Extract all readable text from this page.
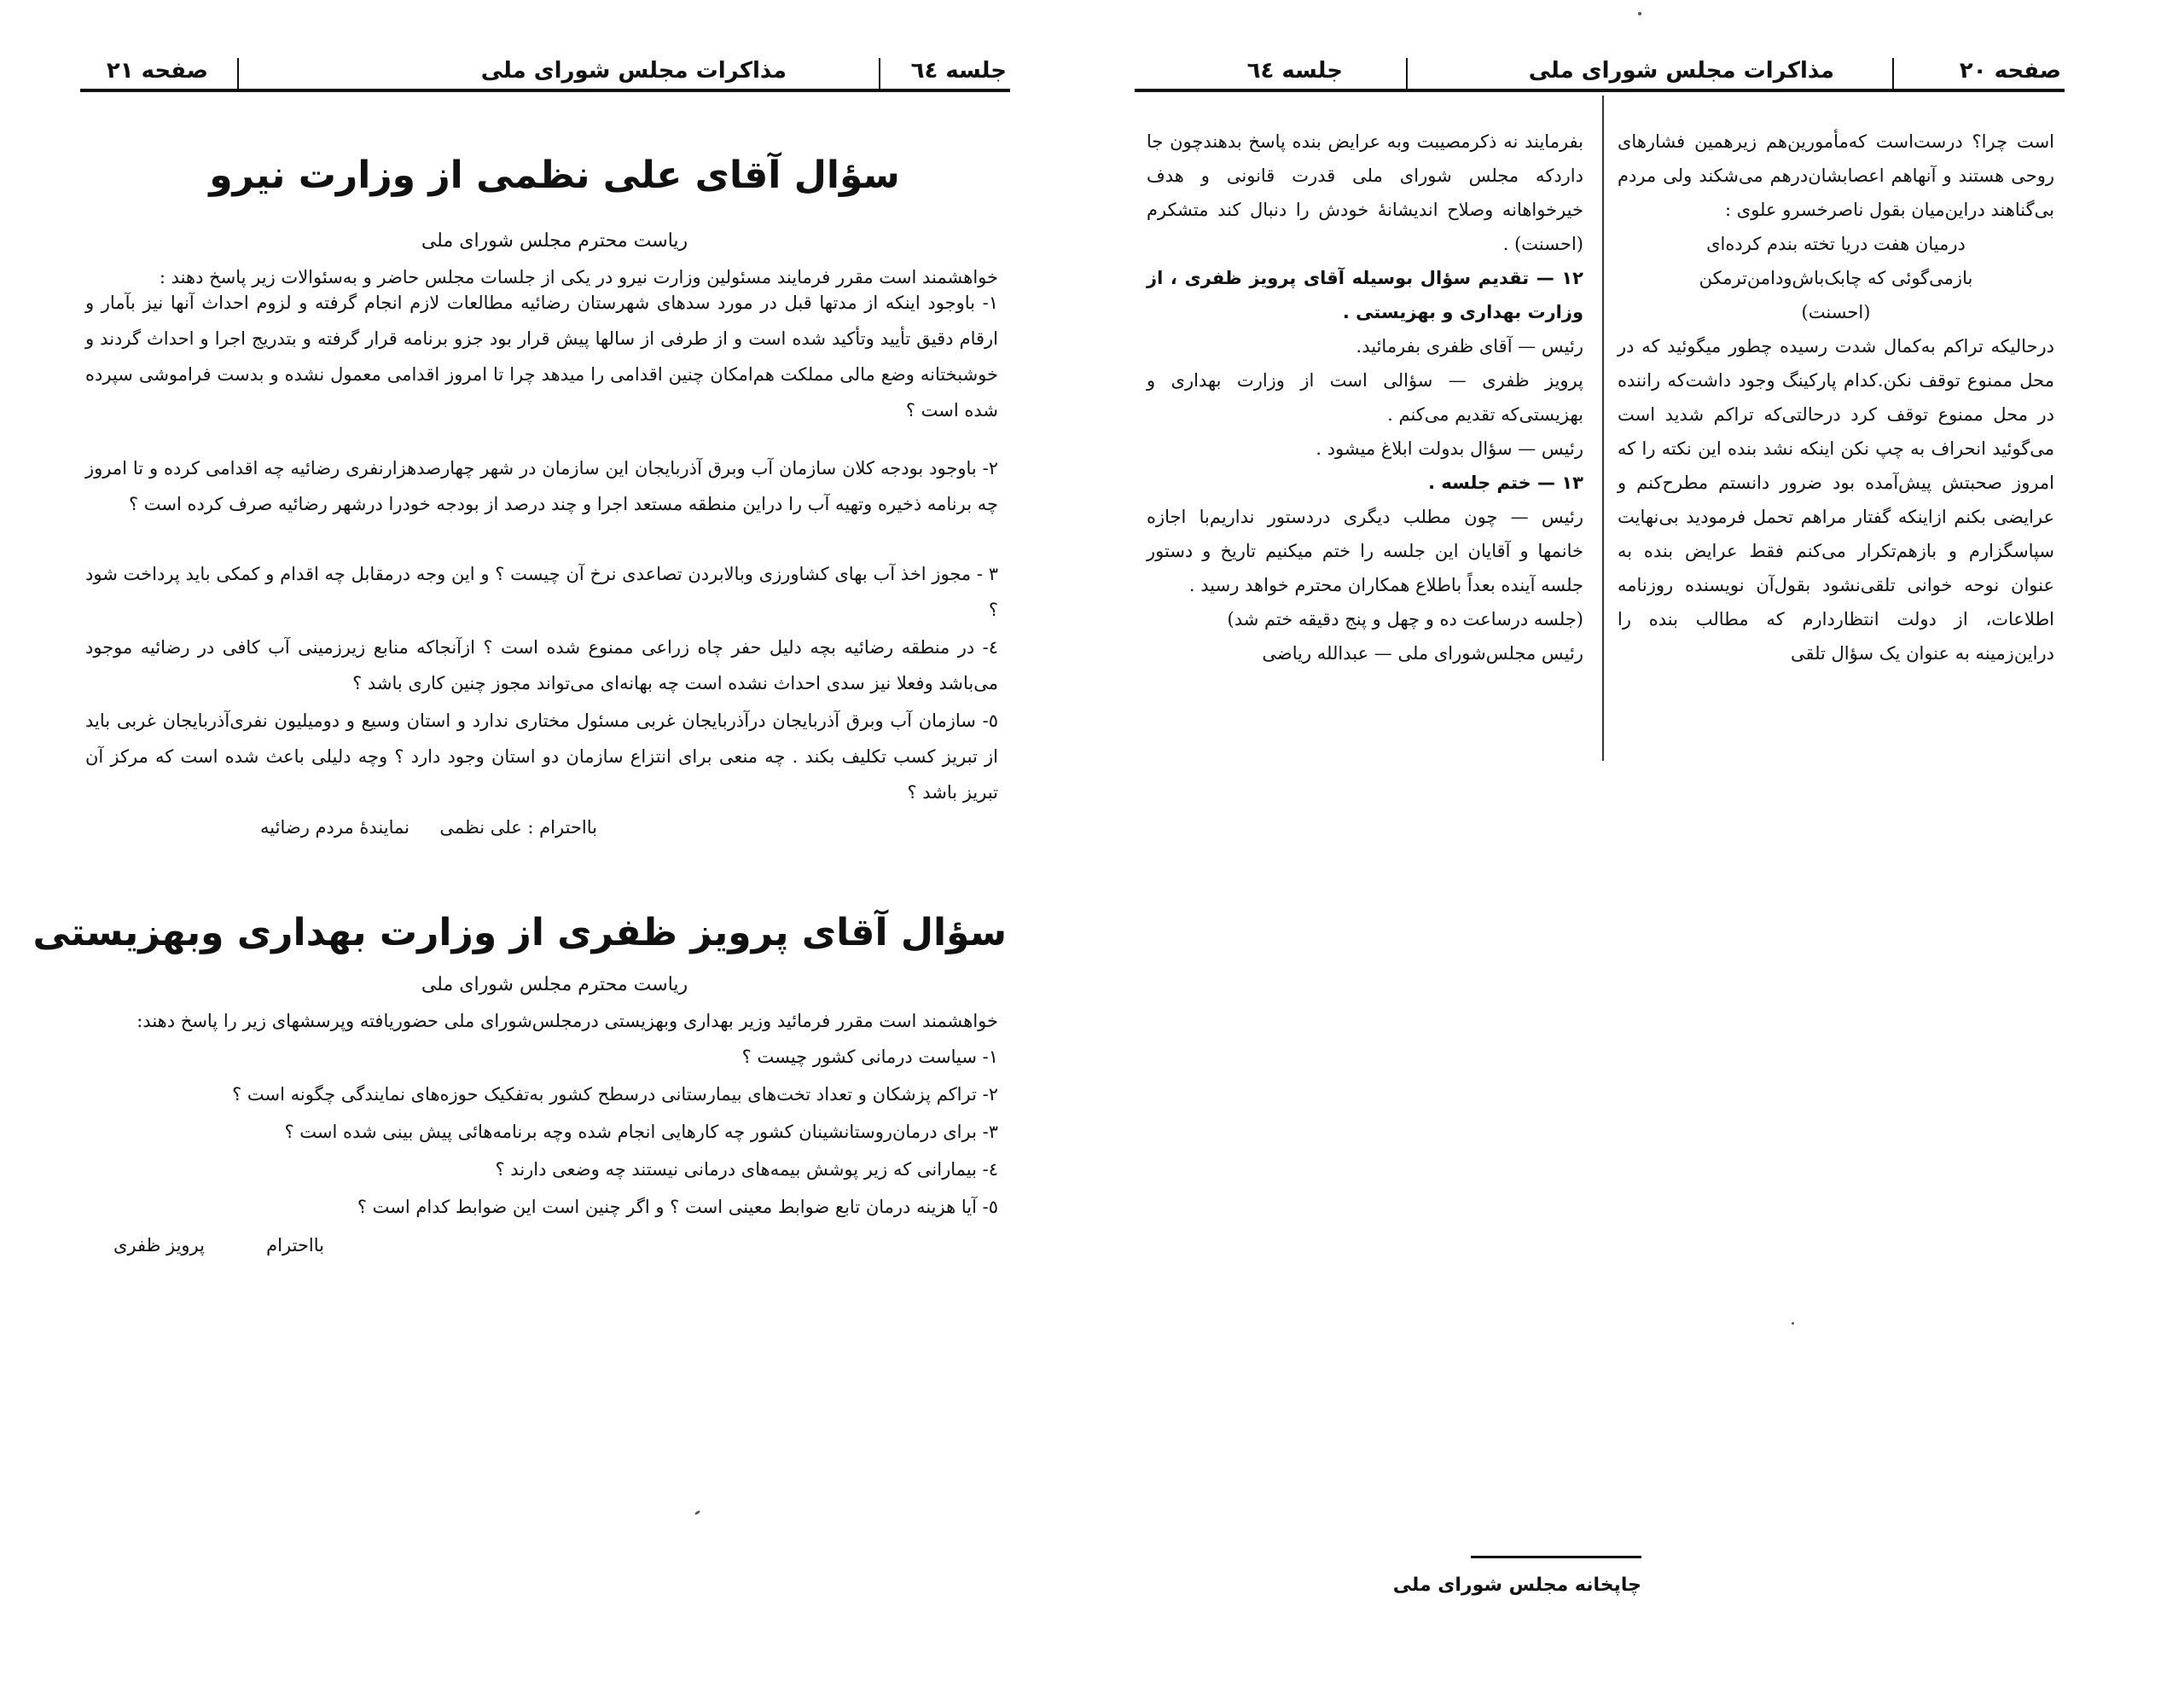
جلسه ٦٤
مذاکرات مجلس شورای ملی
صفحه ۲۱
سؤال آقای علی نظمی از وزارت نیرو
ریاست محترم مجلس شورای ملی
خواهشمند است مقرر فرمایند مسئولین وزارت نیرو در یکی از جلسات مجلس حاضر و به‌سئوالات زیر پاسخ دهند :
۱- باوجود اینکه از مدتها قبل در مورد سدهای شهرستان رضائیه مطالعات لازم انجام گرفته و لزوم احداث آنها نیز بآمار و ارقام دقیق تأیید وتأکید شده است و از طرفی از سالها پیش قرار بود جزو برنامه قرار گرفته و بتدریج اجرا و احداث گردند و خوشبختانه وضع مالی مملکت هم‌امکان چنین اقدامی را میدهد چرا تا امروز اقدامی معمول نشده و بدست فراموشی سپرده شده است ؟
۲- باوجود بودجه کلان سازمان آب وبرق آذربایجان این سازمان در شهر چهارصدهزارنفری رضائیه چه اقدامی کرده و تا امروز چه برنامه ذخیره وتهیه آب را دراین منطقه مستعد اجرا و چند درصد از بودجه خودرا درشهر رضائیه صرف کرده است ؟
۳ - مجوز اخذ آب بهای کشاورزی وبالابردن تصاعدی نرخ آن چیست ؟ و این وجه درمقابل چه اقدام و کمکی باید پرداخت شود ؟
٤- در منطقه رضائیه بچه دلیل حفر چاه زراعی ممنوع شده است ؟ ازآنجاکه منابع زیرزمینی آب کافی در رضائیه موجود می‌باشد وفعلا نیز سدی احداث نشده است چه بهانه‌ای می‌تواند مجوز چنین کاری باشد ؟
٥- سازمان آب وبرق آذربایجان درآذربایجان غربی مسئول مختاری ندارد و استان وسیع و دومیلیون نفری‌آذربایجان غربی باید از تبریز کسب تکلیف بکند . چه منعی برای انتزاع سازمان دو استان وجود دارد ؟ وچه دلیلی باعث شده است که مرکز آن تبریز باشد ؟
بااحترام : علی نظمی
نماینده‌ٔ مردم رضائیه
سؤال آقای پرویز ظفری از وزارت بهداری وبهزیستی
ریاست محترم مجلس شورای ملی
خواهشمند است مقرر فرمائید وزیر بهداری وبهزیستی درمجلس‌شورای ملی حضوریافته وپرسشهای زیر را پاسخ دهند:
۱- سیاست درمانی کشور چیست ؟
۲- تراکم پزشکان و تعداد تخت‌های بیمارستانی درسطح کشور به‌تفکیک حوزه‌های نمایندگی چگونه است ؟
۳- برای درمان‌روستانشینان کشور چه کارهایی انجام شده وچه برنامه‌هائی پیش بینی شده است ؟
٤- بیمارانی که زیر پوشش بیمه‌های درمانی نیستند چه وضعی دارند ؟
٥- آیا هزینه درمان تابع ضوابط معینی است ؟ و اگر چنین است این ضوابط کدام است ؟
بااحترام
پرویز ظفری
صفحه ۲۰
مذاکرات مجلس شورای ملی
جلسه ٦٤

است چرا؟ درست‌است که‌مأمورین‌هم زیرهمین فشارهای روحی هستند و آنهاهم اعصابشان‌درهم می‌شکند ولی مردم بی‌گناهند دراین‌میان بقول ناصرخسرو علوی :

درمیان هفت دریا تخته بندم کرده‌ای

بازمی‌گوئی که چابک‌باش‌ودامن‌ترمکن

(احسنت)

درحالیکه تراکم به‌کمال شدت رسیده چطور میگوئید که در محل ممنوع توقف نکن.کدام پارکینگ وجود داشت‌که راننده در محل ممنوع توقف کرد درحالتی‌که تراکم شدید است می‌گوئید انحراف به چپ نکن اینکه نشد بنده این نکته را که امروز صحبتش پیش‌آمده بود ضرور دانستم مطرح‌کنم و عرایضی بکنم ازاینکه گفتار مراهم تحمل فرمودید بی‌نهایت سپاسگزارم و بازهم‌تکرار می‌کنم فقط عرایض بنده به عنوان نوحه خوانی تلقی‌نشود بقول‌آن نویسنده روزنامه اطلاعات، از دولت انتظاردارم که مطالب بنده را دراین‌زمینه به عنوان یک سؤال تلقی

بفرمایند نه ذکرمصیبت وبه عرایض بنده پاسخ بدهندچون جا دارد‌که مجلس شورای ملی قدرت قانونی و هدف خیرخواهانه وصلاح اندیشانه‌ٔ خودش را دنبال کند متشکرم (احسنت) .

۱۲ — تقدیم سؤال بوسیله آقای پرویز ظفری ، از وزارت بهداری و بهزیستی .

رئیس — آقای ظفری بفرمائید.

پرویز ظفری — سؤالی است از وزارت بهداری و بهزیستی‌که تقدیم می‌کنم .

رئیس — سؤال بدولت ابلاغ میشود .

۱۳ — ختم جلسه .

رئیس — چون مطلب دیگری دردستور نداریم‌با اجازه خانمها و آقایان این جلسه را ختم میکنیم تاریخ و دستور جلسه آینده بعداً باطلاع همکاران محترم خواهد رسید .

(جلسه درساعت ده و چهل و پنج دقیقه ختم شد)

رئیس مجلس‌شورای ملی — عبدالله ریاضی

چاپخانه مجلس شورای ملی
